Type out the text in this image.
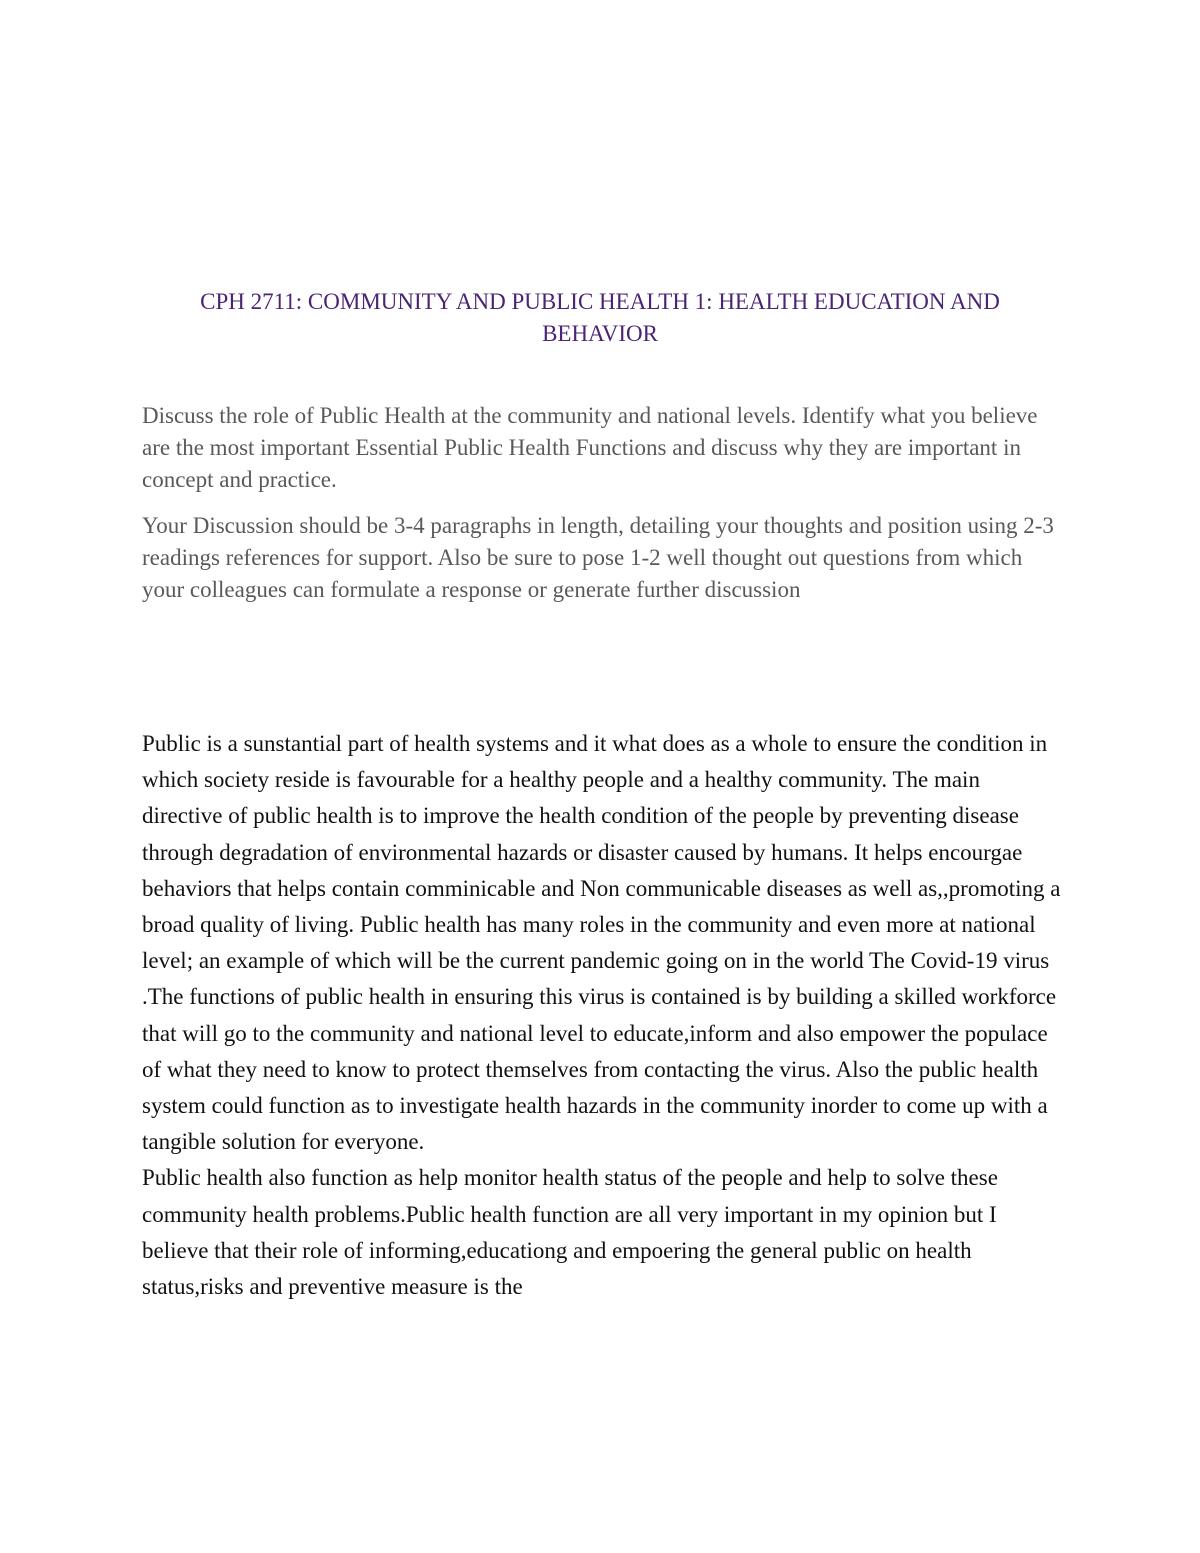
CPH 2711: COMMUNITY AND PUBLIC HEALTH 1: HEALTH EDUCATION AND BEHAVIOR

Discuss the role of Public Health at the community and national levels. Identify what you believe are the most important Essential Public Health Functions and discuss why they are important in concept and practice.

Your Discussion should be 3-4 paragraphs in length, detailing your thoughts and position using 2-3 readings references for support. Also be sure to pose 1-2 well thought out questions from which your colleagues can formulate a response or generate further discussion

Public is a sunstantial part of health systems and it what does as a whole to ensure the condition in which society reside is favourable for a healthy people and a healthy community. The main directive of public health is to improve the health condition of the people by preventing disease through degradation of environmental hazards or disaster caused by humans. It helps encourgae behaviors that helps contain comminicable and Non communicable diseases as well as,,promoting a broad quality of living. Public health has many roles in the community and even more at national level; an example of which will be the current pandemic going on in the world The Covid-19 virus .The functions of public health in ensuring this virus is contained is by building a skilled workforce that will go to the community and national level to educate,inform and also empower the populace of what they need to know to protect themselves from contacting the virus. Also the public health system could function as to investigate health hazards in the community inorder to come up with a tangible solution for everyone.

Public health also function as help monitor health status of the people and help to solve these community health problems.Public health function are all very important in my opinion but I believe that their role of informing,educationg and empoering the general public on health status,risks and preventive measure is the
